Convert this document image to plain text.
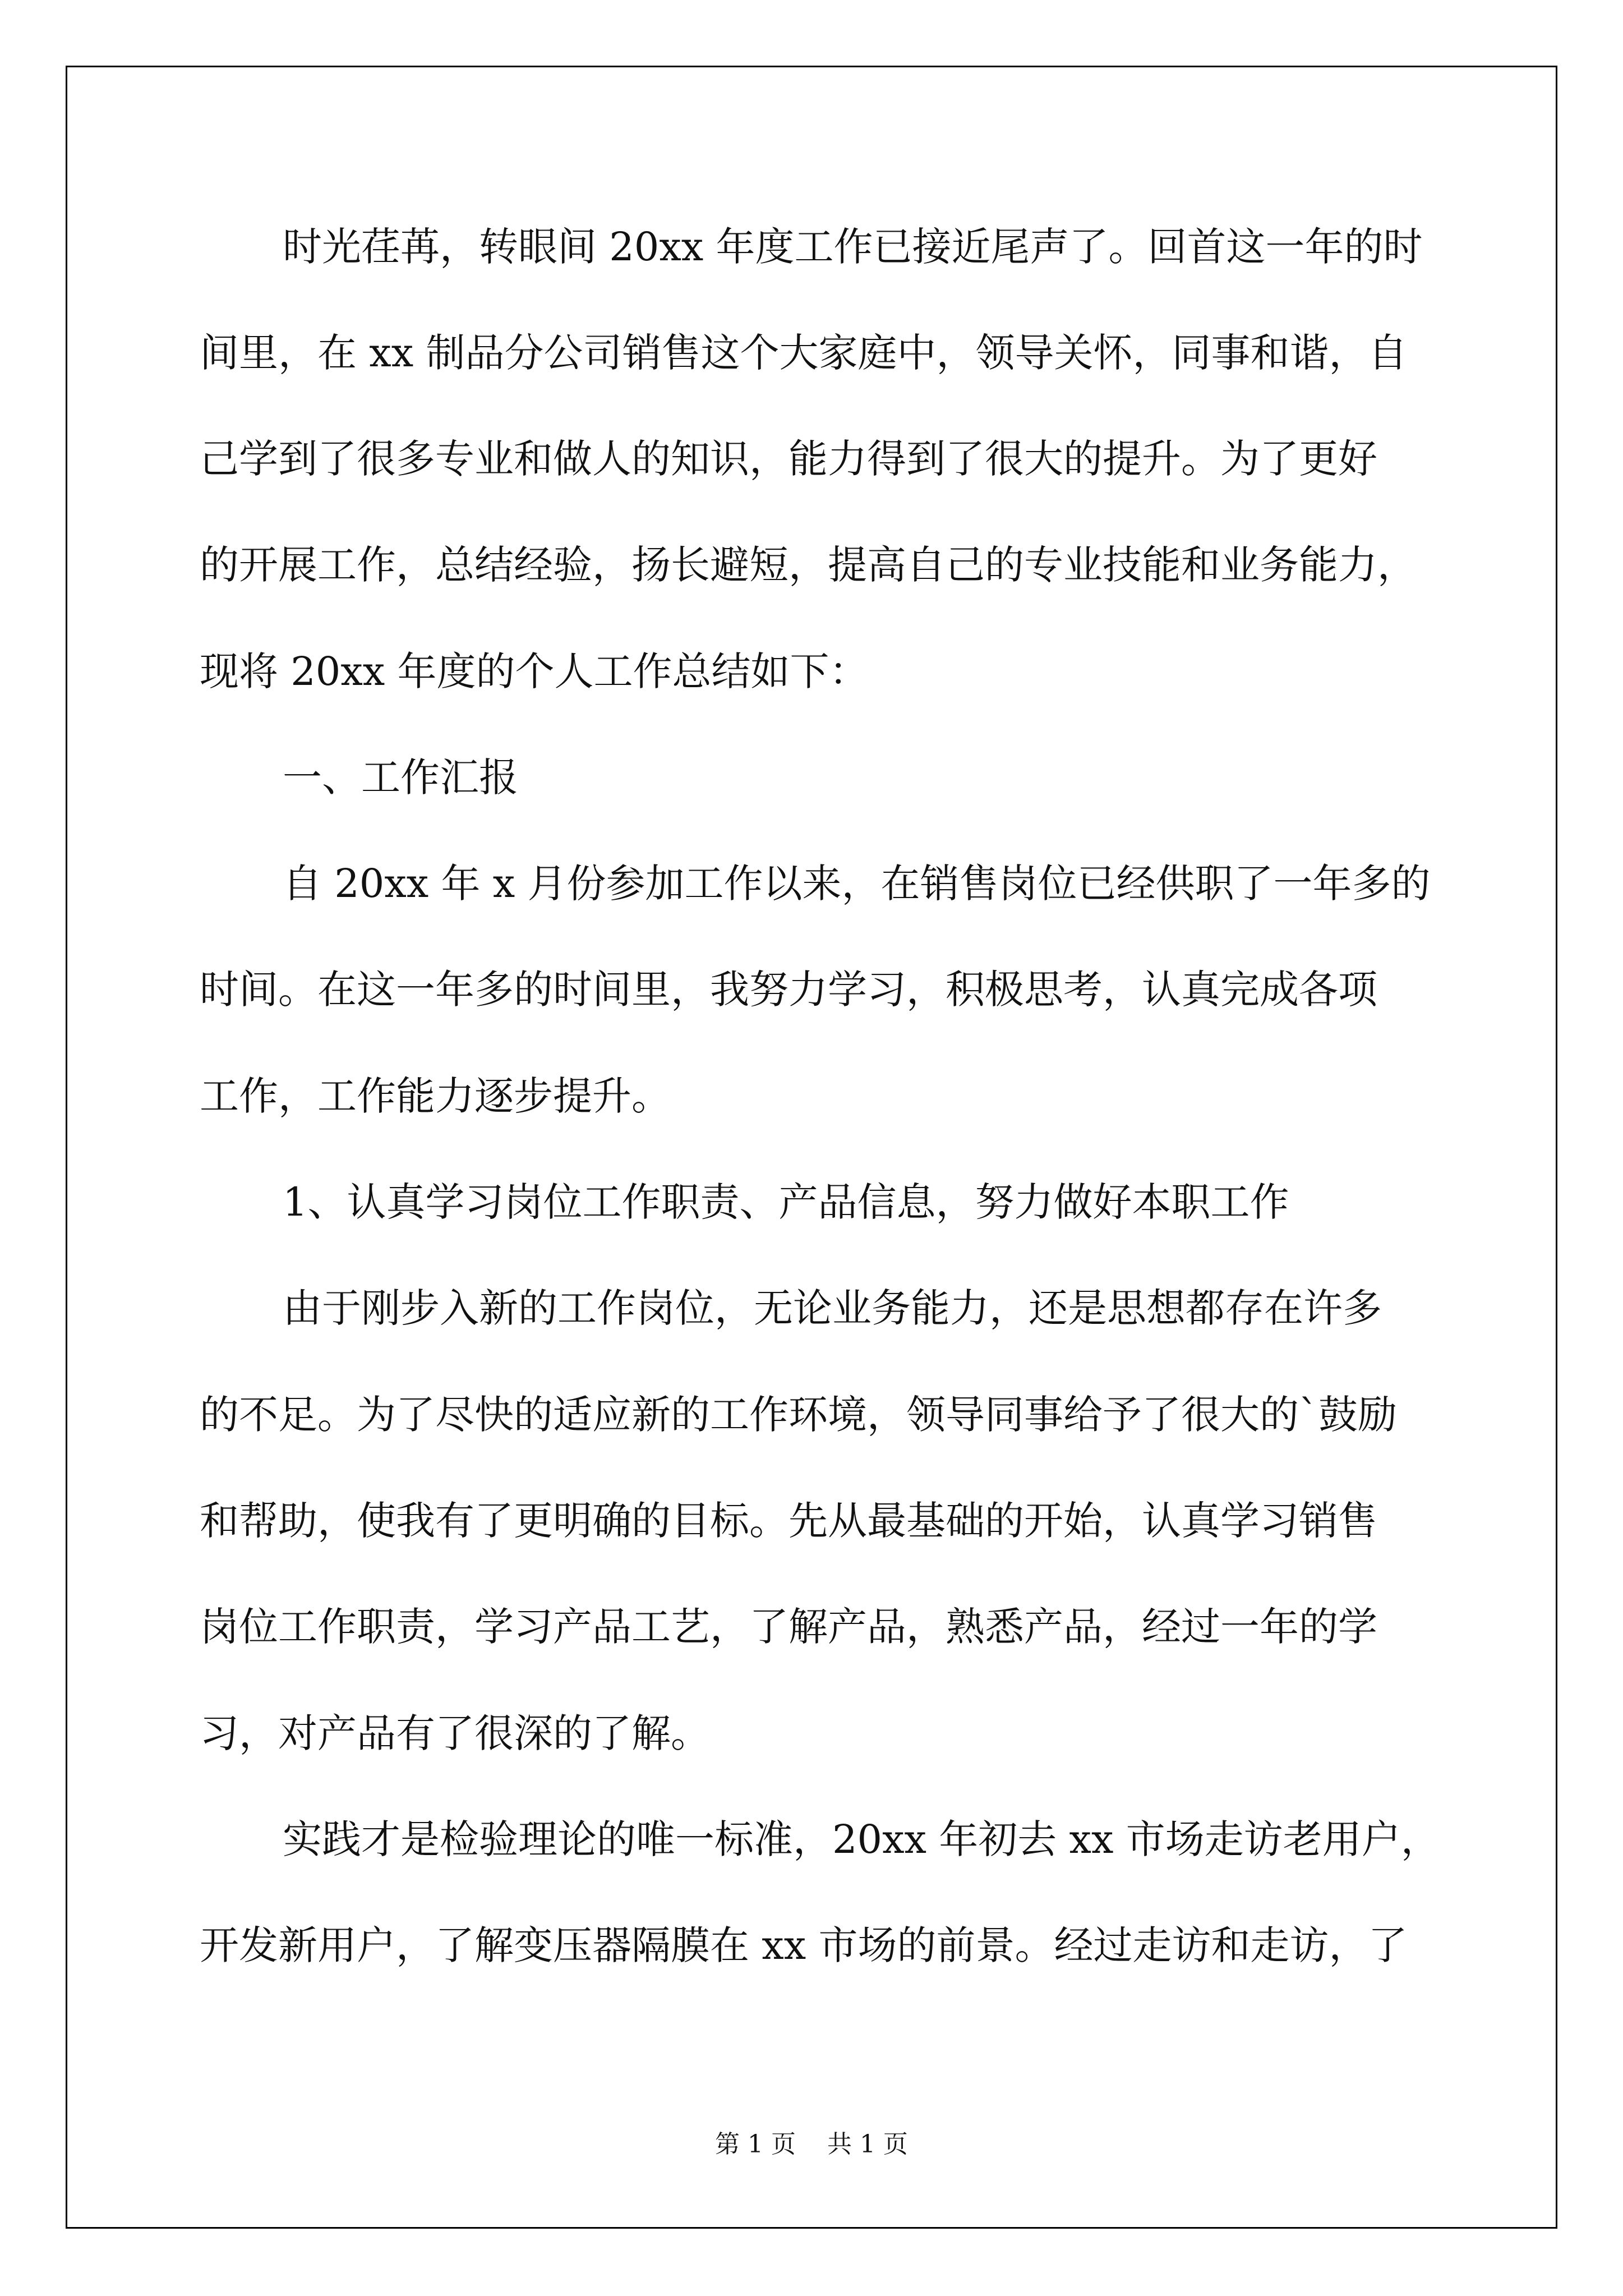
时光荏苒，转眼间 20xx 年度工作已接近尾声了。回首这一年的时
间里，在 xx 制品分公司销售这个大家庭中，领导关怀，同事和谐，自
己学到了很多专业和做人的知识，能力得到了很大的提升。为了更好
的开展工作，总结经验，扬长避短，提高自己的专业技能和业务能力，
现将 20xx 年度的个人工作总结如下：
一、工作汇报
自 20xx 年 x 月份参加工作以来，在销售岗位已经供职了一年多的
时间。在这一年多的时间里，我努力学习，积极思考，认真完成各项
工作，工作能力逐步提升。
1、认真学习岗位工作职责、产品信息，努力做好本职工作
由于刚步入新的工作岗位，无论业务能力，还是思想都存在许多
的不足。为了尽快的适应新的工作环境，领导同事给予了很大的`鼓励
和帮助，使我有了更明确的目标。先从最基础的开始，认真学习销售
岗位工作职责，学习产品工艺，了解产品，熟悉产品，经过一年的学
习，对产品有了很深的了解。
实践才是检验理论的唯一标准，20xx 年初去 xx 市场走访老用户，
开发新用户，了解变压器隔膜在 xx 市场的前景。经过走访和走访，了
第 1 页    共 1 页
